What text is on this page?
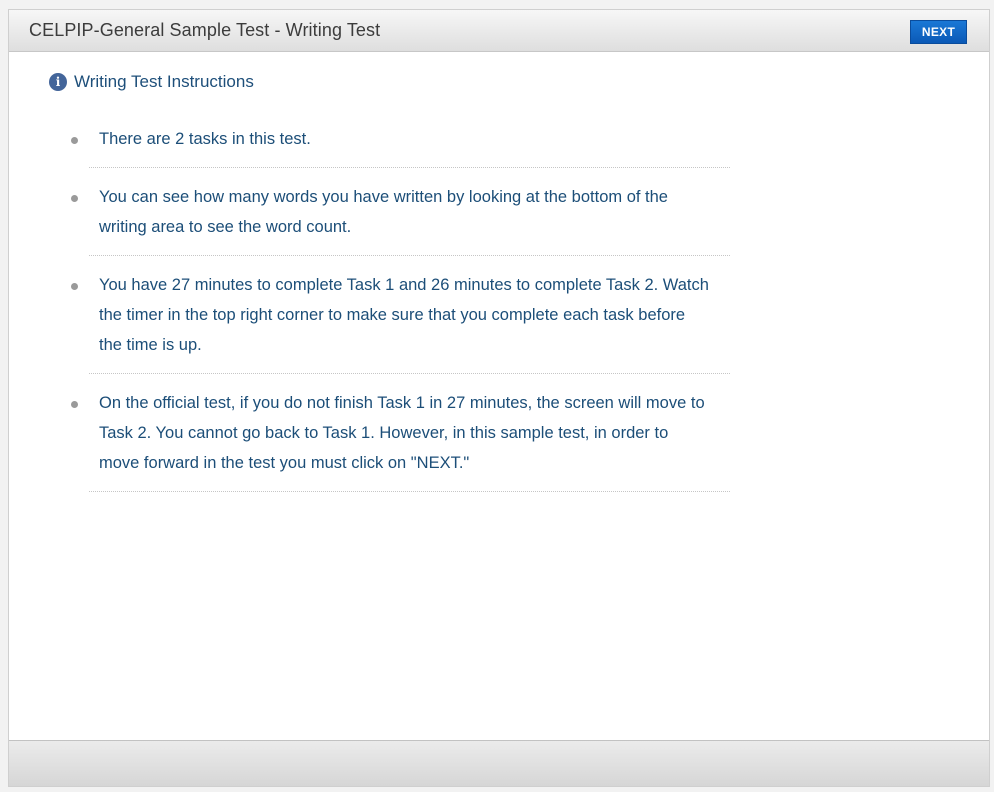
CELPIP-General Sample Test - Writing Test	NEXT
i Writing Test Instructions
There are 2 tasks in this test.
You can see how many words you have written by looking at the bottom of the writing area to see the word count.
You have 27 minutes to complete Task 1 and 26 minutes to complete Task 2. Watch the timer in the top right corner to make sure that you complete each task before the time is up.
On the official test, if you do not finish Task 1 in 27 minutes, the screen will move to Task 2. You cannot go back to Task 1. However, in this sample test, in order to move forward in the test you must click on "NEXT."
